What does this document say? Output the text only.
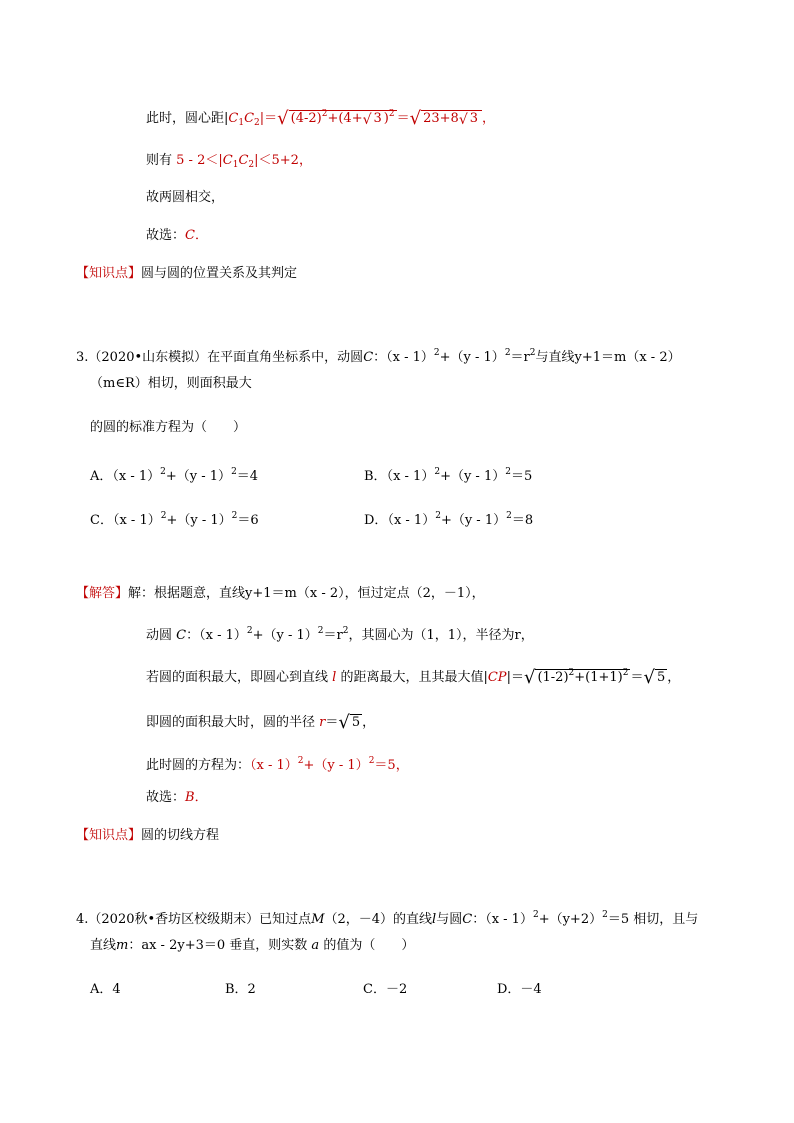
此时，圆心距$|C_1C_2|=√$ $(4-2)^2+(4+√$ 3 )$^2$ ＝√ 23+8√ 3 ，
则有 $5 - 2<|C_1C_2|<5+2$，
故两圆相交，
故选：C．
【知识点】圆与圆的位置关系及其判定
3.（2020•山东模拟）在平面直角坐标系中，动圆C：$(x - 1)^2+(y - 1)^2=r^2$与直线y+1＝m（x - 2）
（m∈R）相切，则面积最大
的圆的标准方程为（　　）
A．（x - 1）$^2$+（y - 1）$^2$＝4	B．（x - 1）$^2$+（y - 1）$^2$＝5
C．（x - 1）$^2$+（y - 1）$^2$＝6	D．（x - 1）$^2$+（y - 1）$^2$＝8
【解答】解：根据题意，直线y+1＝m（x - 2），恒过定点（2，－1），
动圆 C：$(x - 1)^2+(y - 1)^2=r^2$，其圆心为（1，1），半径为r，
若圆的面积最大，即圆心到直线 l 的距离最大，且其最大值|CP|＝√ $(1-2)^2+(1+1)^2$ ＝√ 5 ，
即圆的面积最大时，圆的半径 r＝√ 5 ，
此时圆的方程为：（x - 1）$^2$+（y - 1）$^2$＝5，
故选：B．
【知识点】圆的切线方程
4.（2020秋•香坊区校级期末）已知过点M（2，－4）的直线l与圆C：$(x - 1)^2+(y+2)^2=5$ 相切，且与
直线m：ax - 2y+3＝0 垂直，则实数 a 的值为（　　）
A．4	B．2	C．－2	D．－4
